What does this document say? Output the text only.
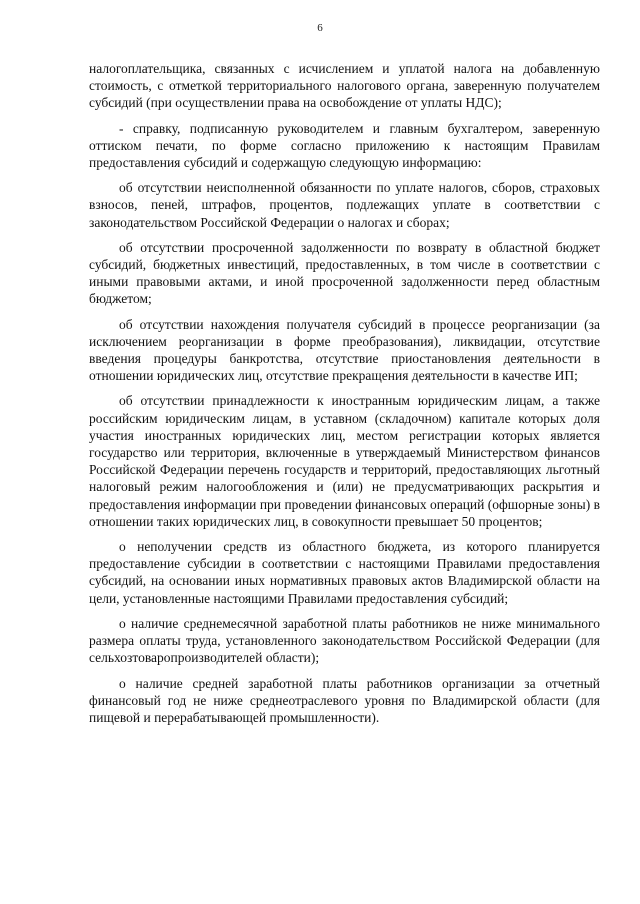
6

налогоплательщика, связанных с исчислением и уплатой налога на добавленную стоимость, с отметкой территориального налогового органа, заверенную получателем субсидий (при осуществлении права на освобождение от уплаты НДС);

- справку, подписанную руководителем и главным бухгалтером, заверенную оттиском печати, по форме согласно приложению к настоящим Правилам предоставления субсидий и содержащую следующую информацию:

об отсутствии неисполненной обязанности по уплате налогов, сборов, страховых взносов, пеней, штрафов, процентов, подлежащих уплате в соответствии с законодательством Российской Федерации о налогах и сборах;

об отсутствии просроченной задолженности по возврату в областной бюджет субсидий, бюджетных инвестиций, предоставленных, в том числе в соответствии с иными правовыми актами, и иной просроченной задолженности перед областным бюджетом;

об отсутствии нахождения получателя субсидий в процессе реорганизации (за исключением реорганизации в форме преобразования), ликвидации, отсутствие введения процедуры банкротства, отсутствие приостановления деятельности в отношении юридических лиц, отсутствие прекращения деятельности в качестве ИП;

об отсутствии принадлежности к иностранным юридическим лицам, а также российским юридическим лицам, в уставном (складочном) капитале которых доля участия иностранных юридических лиц, местом регистрации которых является государство или территория, включенные в утверждаемый Министерством финансов Российской Федерации перечень государств и территорий, предоставляющих льготный налоговый режим налогообложения и (или) не предусматривающих раскрытия и предоставления информации при проведении финансовых операций (офшорные зоны) в отношении таких юридических лиц, в совокупности превышает 50 процентов;

о неполучении средств из областного бюджета, из которого планируется предоставление субсидии в соответствии с настоящими Правилами предоставления субсидий, на основании иных нормативных правовых актов Владимирской области на цели, установленные настоящими Правилами предоставления субсидий;

о наличие среднемесячной заработной платы работников не ниже минимального размера оплаты труда, установленного законодательством Российской Федерации (для сельхозтоваропроизводителей области);

о наличие средней заработной платы работников организации за отчетный финансовый год не ниже среднеотраслевого уровня по Владимирской области (для пищевой и перерабатывающей промышленности).
